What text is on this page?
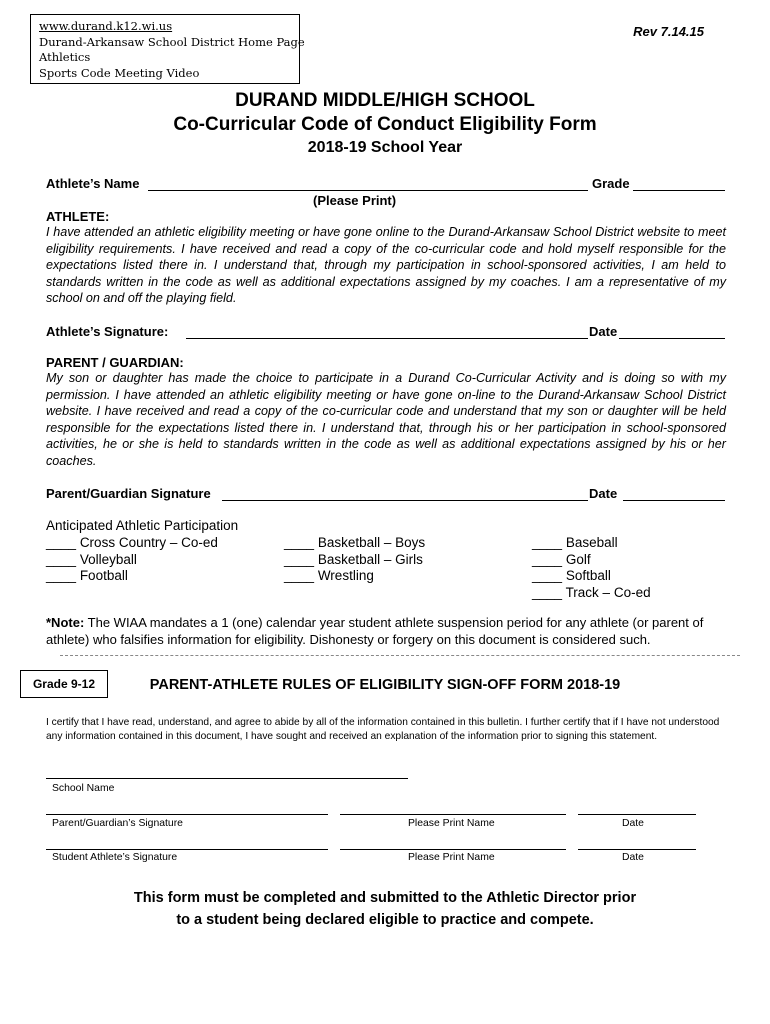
www.durand.k12.wi.us
Durand-Arkansaw School District Home Page
Athletics
Sports Code Meeting Video
Rev 7.14.15
DURAND MIDDLE/HIGH SCHOOL
Co-Curricular Code of Conduct Eligibility Form
2018-19 School Year
Athlete’s Name	Grade
(Please Print)
ATHLETE:
I have attended an athletic eligibility meeting or have gone online to the Durand-Arkansaw School District website to meet eligibility requirements. I have received and read a copy of the co-curricular code and hold myself responsible for the expectations listed there in. I understand that, through my participation in school-sponsored activities, I am held to standards written in the code as well as additional expectations assigned by my coaches. I am a representative of my school on and off the playing field.
Athlete’s Signature:	Date
PARENT / GUARDIAN:
My son or daughter has made the choice to participate in a Durand Co-Curricular Activity and is doing so with my permission. I have attended an athletic eligibility meeting or have gone on-line to the Durand-Arkansaw School District website. I have received and read a copy of the co-curricular code and understand that my son or daughter will be held responsible for the expectations listed there in. I understand that, through his or her participation in school-sponsored activities, he or she is held to standards written in the code as well as additional expectations assigned by his or her coaches.
Parent/Guardian Signature	Date
Anticipated Athletic Participation
____ Cross Country – Co-ed
____ Volleyball
____ Football
____ Basketball – Boys
____ Basketball – Girls
____ Wrestling
____ Baseball
____ Golf
____ Softball
____ Track – Co-ed
*Note: The WIAA mandates a 1 (one) calendar year student athlete suspension period for any athlete (or parent of athlete) who falsifies information for eligibility. Dishonesty or forgery on this document is considered such.
Grade 9-12	PARENT-ATHLETE RULES OF ELIGIBILITY SIGN-OFF FORM 2018-19
I certify that I have read, understand, and agree to abide by all of the information contained in this bulletin. I further certify that if I have not understood any information contained in this document, I have sought and received an explanation of the information prior to signing this statement.
School Name
Parent/Guardian’s Signature	Please Print Name	Date
Student Athlete’s Signature	Please Print Name	Date
This form must be completed and submitted to the Athletic Director prior
to a student being declared eligible to practice and compete.
